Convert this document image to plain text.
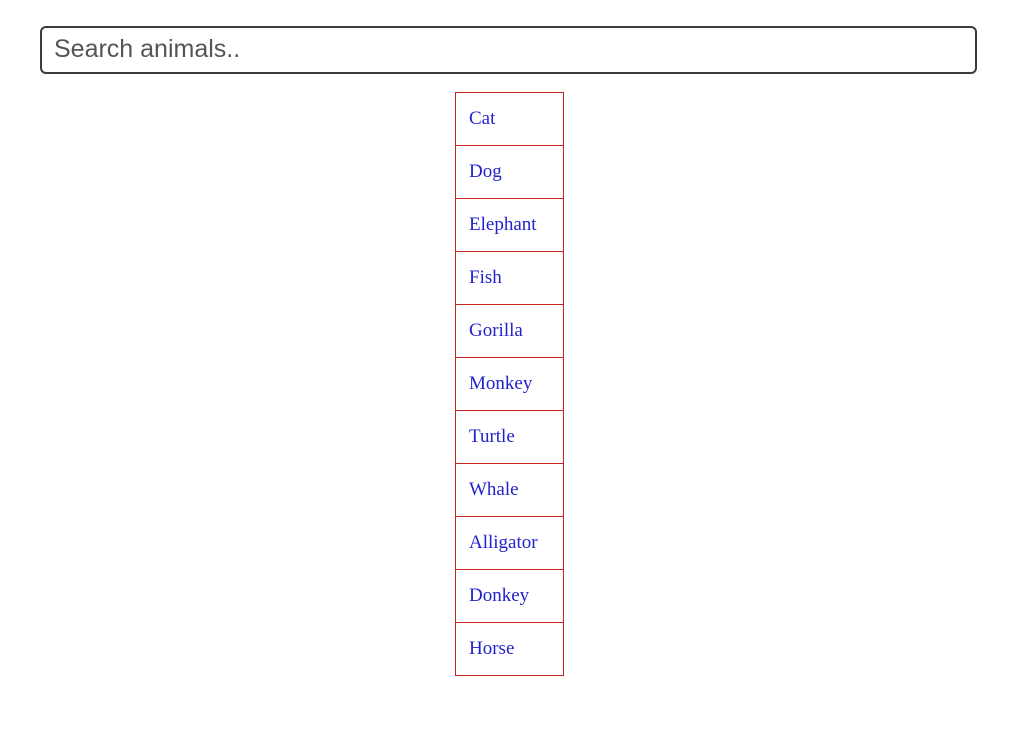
Search animals..
Cat
Dog
Elephant
Fish
Gorilla
Monkey
Turtle
Whale
Alligator
Donkey
Horse
